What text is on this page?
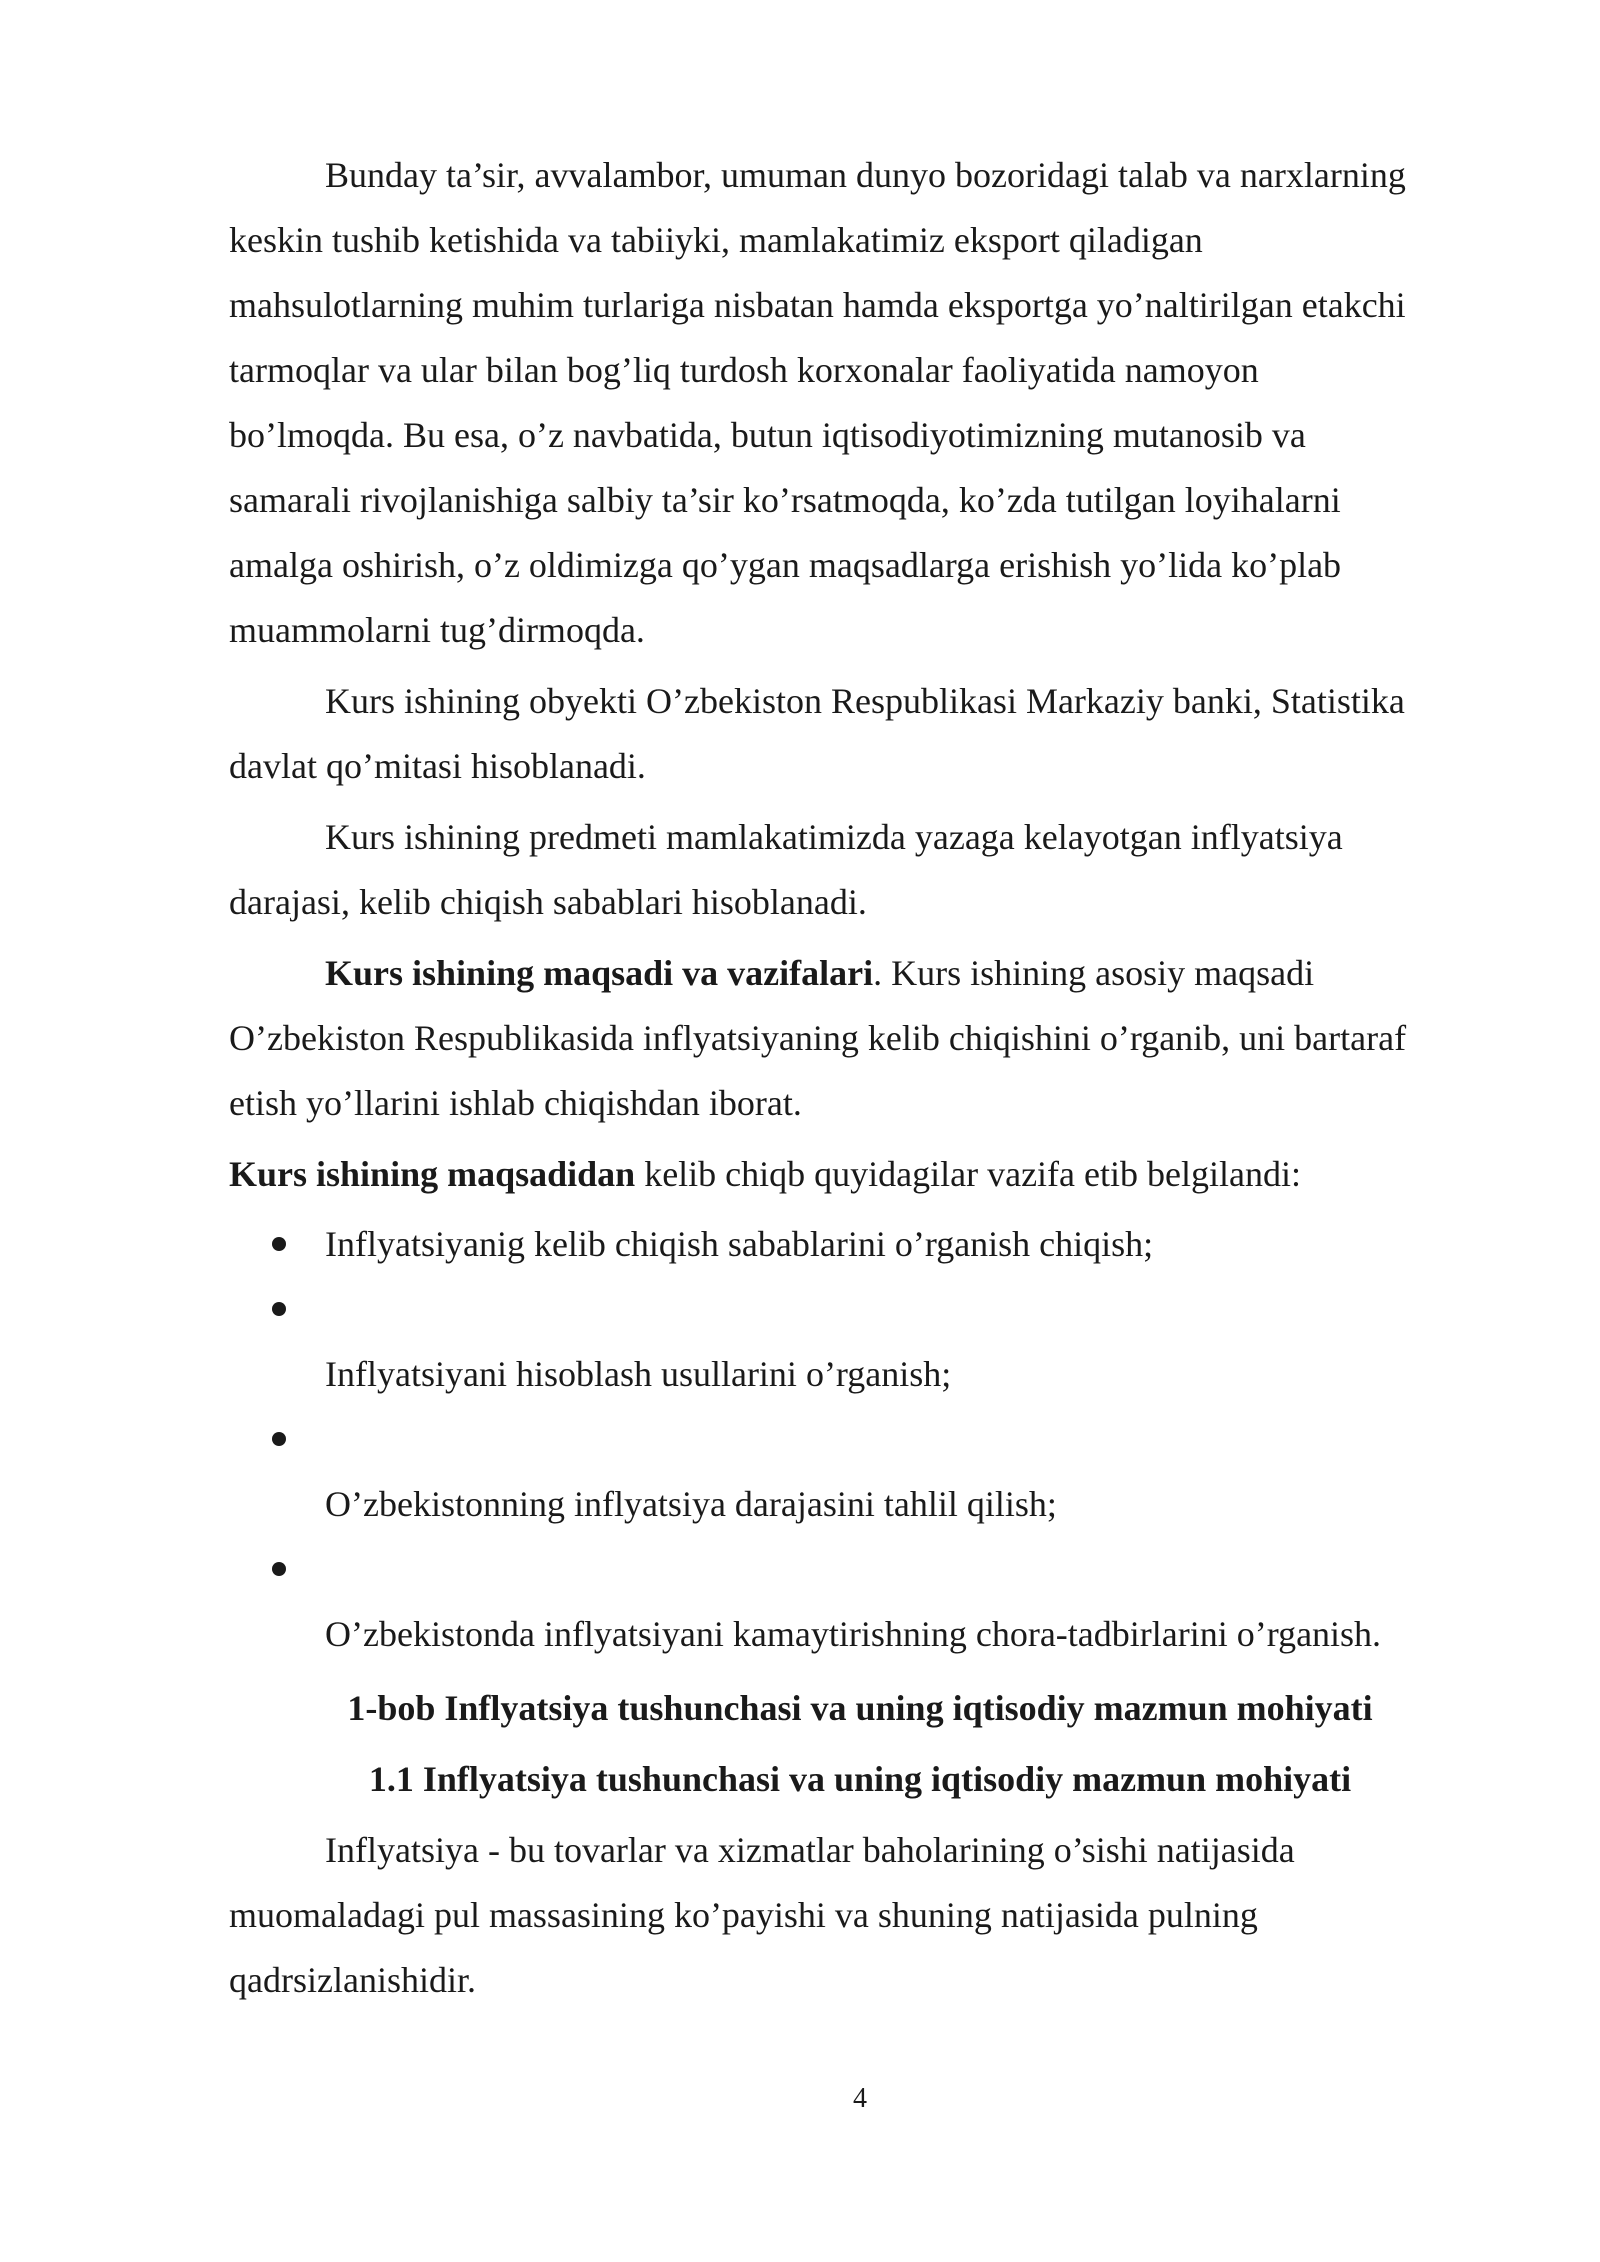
Bunday ta’sir, avvalambor, umuman dunyo bozoridagi talab va narxlarning
keskin tushib ketishida va tabiiyki, mamlakatimiz eksport qiladigan
mahsulotlarning muhim turlariga nisbatan hamda eksportga yo’naltirilgan etakchi
tarmoqlar va ular bilan bog’liq turdosh korxonalar faoliyatida namoyon
bo’lmoqda. Bu esa, o’z navbatida, butun iqtisodiyotimizning mutanosib va
samarali rivojlanishiga salbiy ta’sir ko’rsatmoqda, ko’zda tutilgan loyihalarni
amalga oshirish, o’z oldimizga qo’ygan maqsadlarga erishish yo’lida ko’plab
muammolarni tug’dirmoqda.
Kurs ishining obyekti O’zbekiston Respublikasi Markaziy banki, Statistika
davlat qo’mitasi hisoblanadi.
Kurs ishining predmeti mamlakatimizda yazaga kelayotgan inflyatsiya
darajasi, kelib chiqish sabablari hisoblanadi.
Kurs ishining maqsadi va vazifalari. Kurs ishining asosiy maqsadi
O’zbekiston Respublikasida inflyatsiyaning kelib chiqishini o’rganib, uni bartaraf
etish yo’llarini ishlab chiqishdan iborat.
Kurs ishining maqsadidan kelib chiqb quyidagilar vazifa etib belgilandi:
Inflyatsiyanig kelib chiqish sabablarini o’rganish chiqish;
Inflyatsiyani hisoblash usullarini o’rganish;
O’zbekistonning inflyatsiya darajasini tahlil qilish;
O’zbekistonda inflyatsiyani kamaytirishning chora-tadbirlarini o’rganish.
1-bob Inflyatsiya tushunchasi va uning iqtisodiy mazmun mohiyati
1.1 Inflyatsiya tushunchasi va uning iqtisodiy mazmun mohiyati
Inflyatsiya - bu tovarlar va xizmatlar baholarining o’sishi natijasida
muomaladagi pul massasining ko’payishi va shuning natijasida pulning
qadrsizlanishidir.
4
